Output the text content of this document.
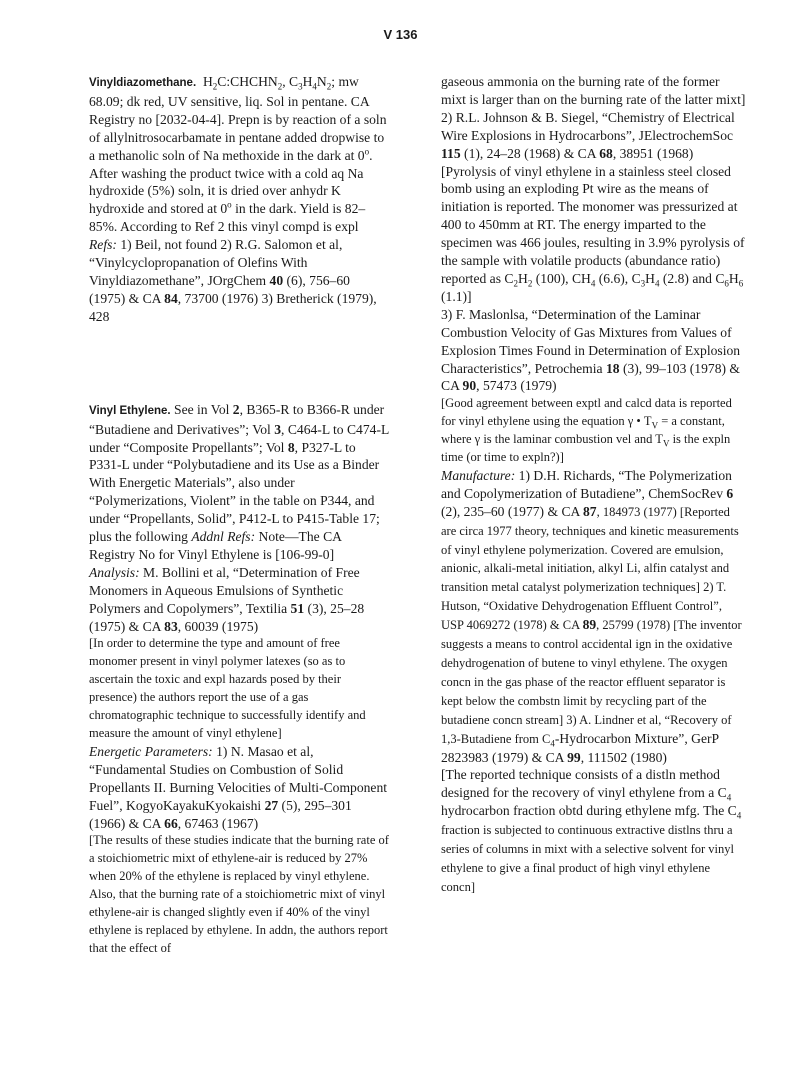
V 136

Vinyldiazomethane. $H_2C:CHCHN_2$, $C_3H_4N_2$; mw 68.09; dk red, UV sensitive, liq. Sol in pentane. CA Registry no [2032-04-4]. Prepn is by reaction of a soln of allylnitrosocarbamate in pentane added dropwise to a methanolic soln of Na methoxide in the dark at 0$^o$. After washing the product twice with a cold aq Na hydroxide (5%) soln, it is dried over anhydr K hydroxide and stored at 0$^o$ in the dark. Yield is 82–85%. According to Ref 2 this vinyl compd is expl

Refs: 1) Beil, not found 2) R.G. Salomon et al, “Vinylcyclopropanation of Olefins With Vinyldiazomethane”, JOrgChem 40 (6), 756–60 (1975) & CA 84, 73700 (1976) 3) Bretherick (1979), 428

Vinyl Ethylene. See in Vol 2, B365-R to B366-R under “Butadiene and Derivatives”; Vol 3, C464-L to C474-L under “Composite Propellants”; Vol 8, P327-L to P331-L under “Polybutadiene and its Use as a Binder With Energetic Materials”, also under “Polymerizations, Violent” in the table on P344, and under “Propellants, Solid”, P412-L to P415-Table 17; plus the following Addnl Refs: Note—The CA Registry No for Vinyl Ethylene is [106-99-0]

Analysis: M. Bollini et al, “Determination of Free Monomers in Aqueous Emulsions of Synthetic Polymers and Copolymers”, Textilia 51 (3), 25–28 (1975) & CA 83, 60039 (1975)

[In order to determine the type and amount of free monomer present in vinyl polymer latexes (so as to ascertain the toxic and expl hazards posed by their presence) the authors report the use of a gas chromatographic technique to successfully identify and measure the amount of vinyl ethylene]

Energetic Parameters: 1) N. Masao et al, “Fundamental Studies on Combustion of Solid Propellants II. Burning Velocities of Multi-Component Fuel”, KogyoKayakuKyokaishi 27 (5), 295–301 (1966) & CA 66, 67463 (1967)

[The results of these studies indicate that the burning rate of a stoichiometric mixt of ethylene-air is reduced by 27% when 20% of the ethylene is replaced by vinyl ethylene. Also, that the burning rate of a stoichiometric mixt of vinyl ethylene-air is changed slightly even if 40% of the vinyl ethylene is replaced by ethylene. In addn, the authors report that the effect of

gaseous ammonia on the burning rate of the former mixt is larger than on the burning rate of the latter mixt] 2) R.L. Johnson & B. Siegel, “Chemistry of Electrical Wire Explosions in Hydrocarbons”, JElectrochemSoc 115 (1), 24–28 (1968) & CA 68, 38951 (1968) [Pyrolysis of vinyl ethylene in a stainless steel closed bomb using an exploding Pt wire as the means of initiation is reported. The monomer was pressurized at 400 to 450mm at RT. The energy imparted to the specimen was 466 joules, resulting in 3.9% pyrolysis of the sample with volatile products (abundance ratio) reported as $C_2H_2$ (100), $CH_4$ (6.6), $C_3H_4$ (2.8) and $C_6H_6$ (1.1)]

3) F. Maslonlsa, “Determination of the Laminar Combustion Velocity of Gas Mixtures from Values of Explosion Times Found in Determination of Explosion Characteristics”, Petrochemia 18 (3), 99–103 (1978) & CA 90, 57473 (1979)

[Good agreement between exptl and calcd data is reported for vinyl ethylene using the equation γ • $T_V = a$ constant, where γ is the laminar combustion vel and $T_V$ is the expln time (or time to expln?)]

Manufacture: 1) D.H. Richards, “The Polymerization and Copolymerization of Butadiene”, ChemSocRev 6 (2), 235–60 (1977) & CA 87, 184973 (1977) [Reported are circa 1977 theory, techniques and kinetic measurements of vinyl ethylene polymerization. Covered are emulsion, anionic, alkali-metal initiation, alkyl Li, alfin catalyst and transition metal catalyst polymerization techniques] 2) T. Hutson, “Oxidative Dehydrogenation Effluent Control”, USP 4069272 (1978) & CA 89, 25799 (1978) [The inventor suggests a means to control accidental ign in the oxidative dehydrogenation of butene to vinyl ethylene. The oxygen concn in the gas phase of the reactor effluent separator is kept below the combstn limit by recycling part of the butadiene concn stream] 3) A. Lindner et al, “Recovery of 1,3-Butadiene from $C_4$-Hydrocarbon Mixture”, GerP 2823983 (1979) & CA 99, 111502 (1980)

[The reported technique consists of a distln method designed for the recovery of vinyl ethylene from a $C_4$ hydrocarbon fraction obtd during ethylene mfg. The $C_4$ fraction is subjected to continuous extractive distlns thru a series of columns in mixt with a selective solvent for vinyl ethylene to give a final product of high vinyl ethylene concn]
